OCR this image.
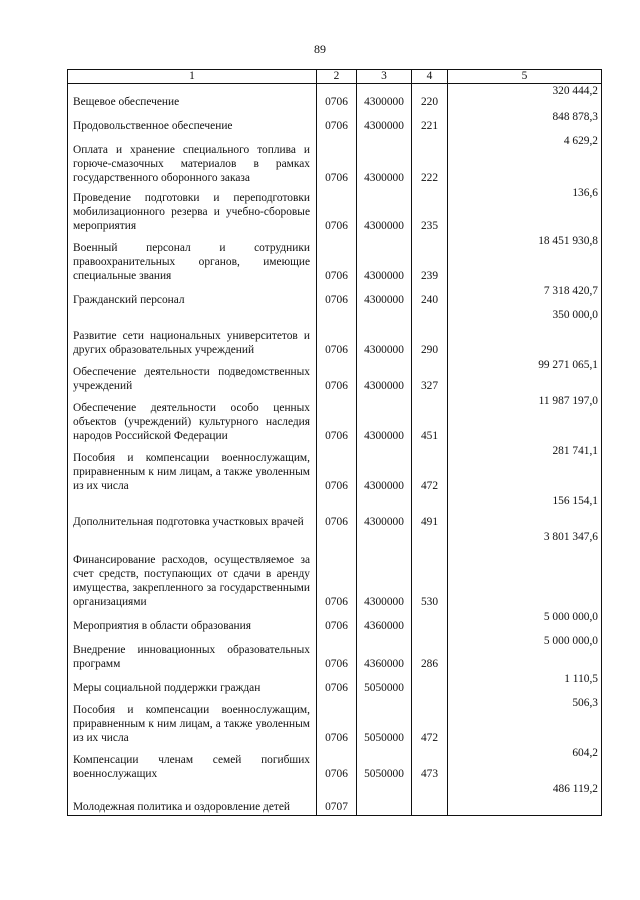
89
1	2	3	4	5
Вещевое обеспечение	0706	4300000	220	320 444,2
Продовольственное обеспечение	0706	4300000	221	848 878,3
Оплата и хранение специального топлива и горюче-смазочных материалов в рамках государственного оборонного заказа	0706	4300000	222	4 629,2
Проведение подготовки и переподготовки мобилизационного резерва и учебно-сборовые мероприятия	0706	4300000	235	136,6
Военный персонал и сотрудники правоохранительных органов, имеющие специальные звания	0706	4300000	239	18 451 930,8
Гражданский персонал	0706	4300000	240	7 318 420,7
Развитие сети национальных университетов и других образовательных учреждений	0706	4300000	290	350 000,0
Обеспечение деятельности подведомственных учреждений	0706	4300000	327	99 271 065,1
Обеспечение деятельности особо ценных объектов (учреждений) культурного наследия народов Российской Федерации	0706	4300000	451	11 987 197,0
Пособия и компенсации военнослужащим, приравненным к ним лицам, а также уволенным из их числа	0706	4300000	472	281 741,1
Дополнительная подготовка участковых врачей	0706	4300000	491	156 154,1
Финансирование расходов, осуществляемое за счет средств, поступающих от сдачи в аренду имущества, закрепленного за государственными организациями	0706	4300000	530	3 801 347,6
Мероприятия в области образования	0706	4360000		5 000 000,0
Внедрение инновационных образовательных программ	0706	4360000	286	5 000 000,0
Меры социальной поддержки граждан	0706	5050000		1 110,5
Пособия и компенсации военнослужащим, приравненным к ним лицам, а также уволенным из их числа	0706	5050000	472	506,3
Компенсации членам семей погибших военнослужащих	0706	5050000	473	604,2
Молодежная политика и оздоровление детей	0707			486 119,2
